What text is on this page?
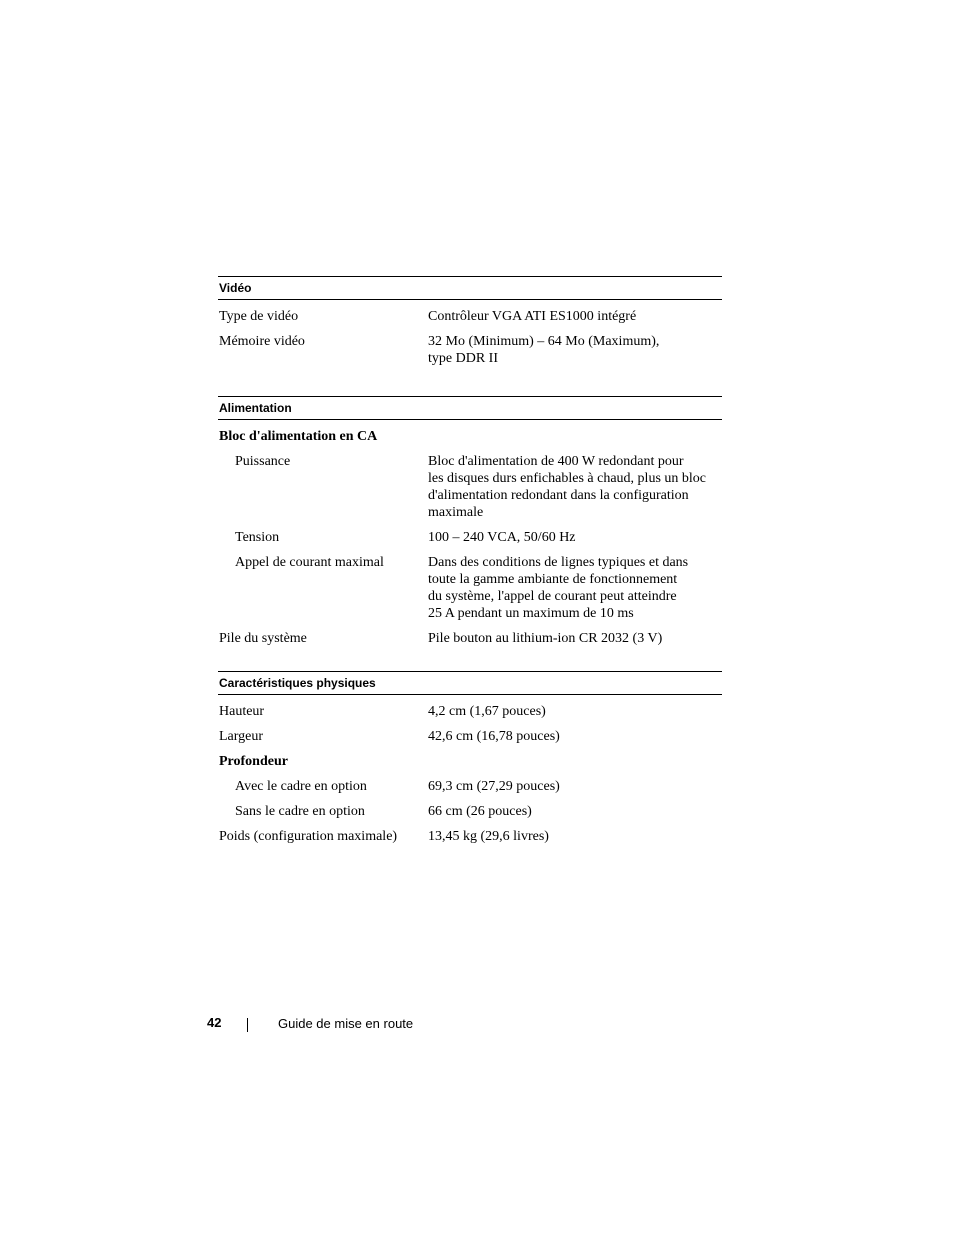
Vidéo
Type de vidéo	Contrôleur VGA ATI ES1000 intégré
Mémoire vidéo	32 Mo (Minimum) – 64 Mo (Maximum),
type DDR II
Alimentation
Bloc d'alimentation en CA
Puissance	Bloc d'alimentation de 400 W redondant pour
les disques durs enfichables à chaud, plus un bloc
d'alimentation redondant dans la configuration
maximale
Tension	100 – 240 VCA, 50/60 Hz
Appel de courant maximal	Dans des conditions de lignes typiques et dans
toute la gamme ambiante de fonctionnement
du système, l'appel de courant peut atteindre
25 A pendant un maximum de 10 ms
Pile du système	Pile bouton au lithium-ion CR 2032 (3 V)
Caractéristiques physiques
Hauteur	4,2 cm (1,67 pouces)
Largeur	42,6 cm (16,78 pouces)
Profondeur
Avec le cadre en option	69,3 cm (27,29 pouces)
Sans le cadre en option	66 cm (26 pouces)
Poids (configuration maximale)	13,45 kg (29,6 livres)
42	Guide de mise en route
